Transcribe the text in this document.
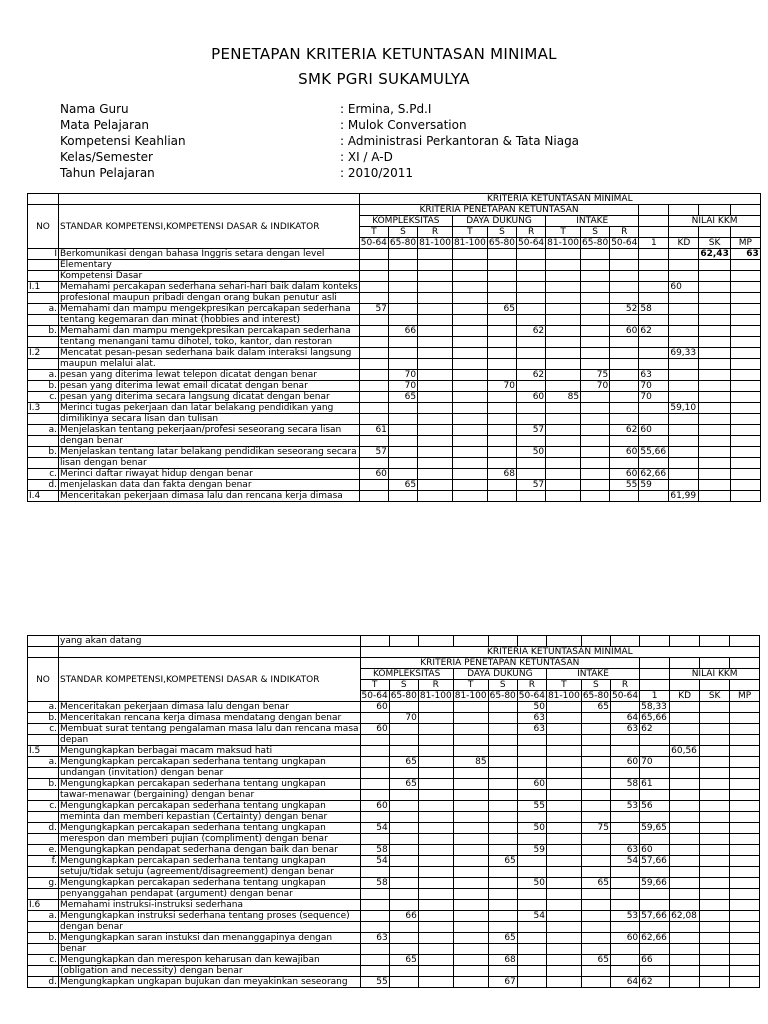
PENETAPAN KRITERIA KETUNTASAN MINIMAL
SMK PGRI SUKAMULYA
Nama Guru	: Ermina, S.Pd.I
Mata Pelajaran	: Mulok Conversation
Kompetensi Keahlian	: Administrasi Perkantoran & Tata Niaga
Kelas/Semester	: XI / A-D
Tahun Pelajaran	: 2010/2011
		KRITERIA KETUNTASAN MINIMAL												
NO	STANDAR KOMPETENSI,KOMPETENSI DASAR & INDIKATOR	KRITERIA PENETAPAN KETUNTASAN												
		KOMPLEKSITAS			DAYA DUKUNG			INTAKE				NILAI KKM		
		T	S	R	T	S	R	T	S	R				
		50-64	65-80	81-100	81-100	65-80	50-64	81-100	65-80	50-64	1	KD	SK	MP
I	Berkomunikasi dengan bahasa Inggris setara dengan level												62,43	63
	Elementary													
	Kompetensi Dasar													
I.1	Memahami percakapan sederhana sehari-hari baik dalam konteks											60		
	profesional maupun pribadi dengan orang bukan penutur asli													
a.	Memahami dan mampu mengekpresikan percakapan sederhana	57				65				52	58			
	tentang kegemaran dan minat (hobbies and interest)													
b.	Memahami dan mampu mengekpresikan percakapan sederhana		66				62			60	62			
	tentang menangani tamu dihotel, toko, kantor, dan restoran													
I.2	Mencatat pesan-pesan sederhana baik dalam interaksi langsung											69,33		
	maupun melalui alat.													
a.	pesan yang diterima lewat telepon dicatat dengan benar		70				62		75		63			
b.	pesan yang diterima lewat email dicatat dengan benar		70			70			70		70			
c.	pesan yang diterima secara langsung dicatat dengan benar		65				60	85			70			
I.3	Merinci tugas pekerjaan dan latar belakang pendidikan yang											59,10		
	dimilikinya secara lisan dan tulisan													
a.	Menjelaskan tentang pekerjaan/profesi seseorang secara lisan	61					57			62	60			
	dengan benar													
b.	Menjelaskan tentang latar belakang pendidikan seseorang secara	57					50			60	55,66			
	lisan dengan benar													
c.	Merinci daftar riwayat hidup dengan benar	60				68				60	62,66			
d.	menjelaskan data dan fakta dengan benar		65				57			55	59			
I.4	Menceritakan pekerjaan dimasa lalu dan rencana kerja dimasa											61,99		
	yang akan datang													
		KRITERIA KETUNTASAN MINIMAL												
NO	STANDAR KOMPETENSI,KOMPETENSI DASAR & INDIKATOR	KRITERIA PENETAPAN KETUNTASAN												
		KOMPLEKSITAS			DAYA DUKUNG			INTAKE				NILAI KKM		
		T	S	R	T	S	R	T	S	R				
		50-64	65-80	81-100	81-100	65-80	50-64	81-100	65-80	50-64	1	KD	SK	MP
a.	Menceritakan pekerjaan dimasa lalu dengan benar	60					50		65		58,33			
b.	Menceritakan rencana kerja dimasa mendatang dengan benar		70				63			64	65,66			
c.	Membuat surat tentang pengalaman masa lalu dan rencana masa	60					63			63	62			
	depan													
I.5	Mengungkapkan berbagai macam maksud hati											60,56		
a.	Mengungkapkan percakapan sederhana tentang ungkapan		65		85					60	70			
	undangan (invitation) dengan benar													
b.	Mengungkapkan percakapan sederhana tentang ungkapan		65				60			58	61			
	tawar-menawar (bergaining) dengan benar													
c.	Mengungkapkan percakapan sederhana tentang ungkapan	60					55			53	56			
	meminta dan memberi kepastian (Certainty) dengan benar													
d.	Mengungkapkan percakapan sederhana tentang ungkapan	54					50		75		59,65			
	merespon dan memberi pujian (compliment) dengan benar													
e.	Mengungkapkan pendapat sederhana dengan baik dan benar	58					59			63	60			
f.	Mengungkapkan percakapan sederhana tentang ungkapan	54				65				54	57,66			
	setuju/tidak setuju (agreement/disagreement) dengan benar													
g.	Mengungkapkan percakapan sederhana tentang ungkapan	58					50		65		59,66			
	penyanggahan pendapat (argument) dengan benar													
I.6	Memahami instruksi-instruksi sederhana													
a.	Mengungkapkan instruksi sederhana tentang proses (sequence)		66				54			53	57,66	62,08		
	dengan benar													
b.	Mengungkapkan saran instuksi dan menanggapinya dengan	63				65				60	62,66			
	benar													
c.	Mengungkapkan dan merespon keharusan dan kewajiban		65			68			65		66			
	(obligation and necessity) dengan benar													
d.	Mengungkapkan ungkapan bujukan dan meyakinkan seseorang	55				67				64	62			
